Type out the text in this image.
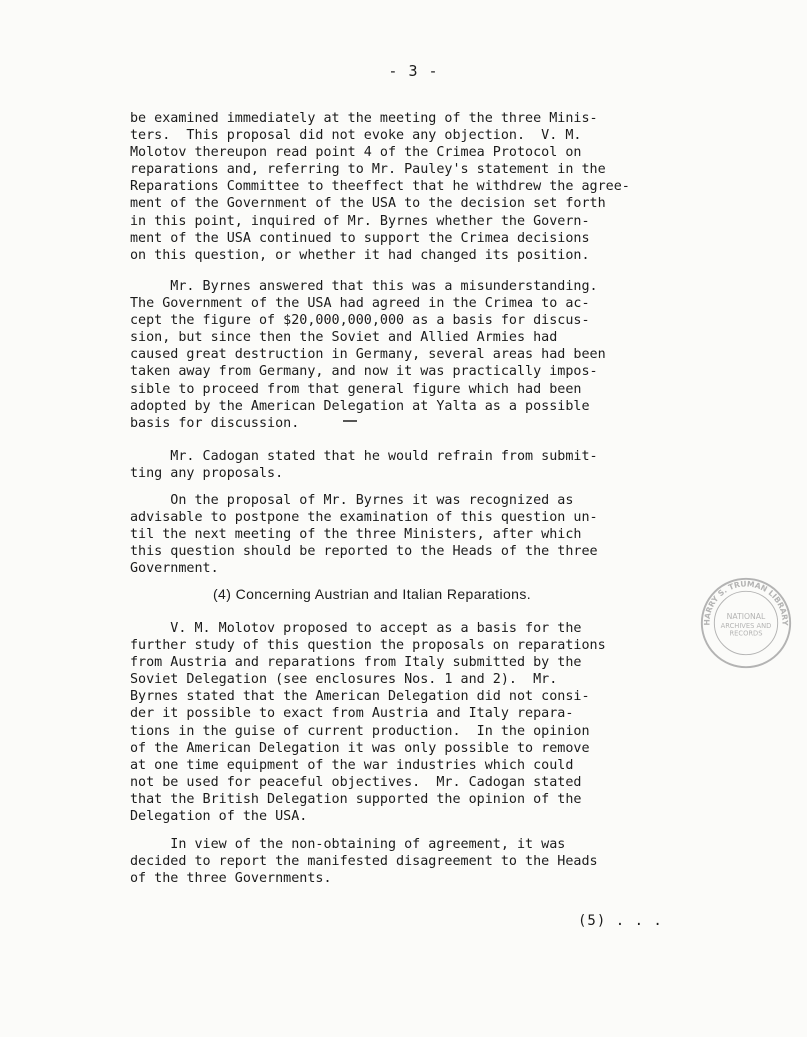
- 3 -

be examined immediately at the meeting of the three Minis-
ters.  This proposal did not evoke any objection.  V. M.
Molotov thereupon read point 4 of the Crimea Protocol on
reparations and, referring to Mr. Pauley's statement in the
Reparations Committee to theeffect that he withdrew the agree-
ment of the Government of the USA to the decision set forth
in this point, inquired of Mr. Byrnes whether the Govern-
ment of the USA continued to support the Crimea decisions
on this question, or whether it had changed its position.

Mr. Byrnes answered that this was a misunderstanding.
The Government of the USA had agreed in the Crimea to ac-
cept the figure of $20,000,000,000 as a basis for discus-
sion, but since then the Soviet and Allied Armies had
caused great destruction in Germany, several areas had been
taken away from Germany, and now it was practically impos-
sible to proceed from that general figure which had been
adopted by the American Delegation at Yalta as a possible
basis for discussion.

Mr. Cadogan stated that he would refrain from submit-
ting any proposals.

On the proposal of Mr. Byrnes it was recognized as
advisable to postpone the examination of this question un-
til the next meeting of the three Ministers, after which
this question should be reported to the Heads of the three
Government.

(4) Concerning Austrian and Italian Reparations.

V. M. Molotov proposed to accept as a basis for the
further study of this question the proposals on reparations
from Austria and reparations from Italy submitted by the
Soviet Delegation (see enclosures Nos. 1 and 2).  Mr.
Byrnes stated that the American Delegation did not consi-
der it possible to exact from Austria and Italy repara-
tions in the guise of current production.  In the opinion
of the American Delegation it was only possible to remove
at one time equipment of the war industries which could
not be used for peaceful objectives.  Mr. Cadogan stated
that the British Delegation supported the opinion of the
Delegation of the USA.

In view of the non-obtaining of agreement, it was
decided to report the manifested disagreement to the Heads
of the three Governments.

(5) . . .
NATIONAL
ARCHIVES AND
RECORDS
HARRY S. TRUMAN LIBRARY
